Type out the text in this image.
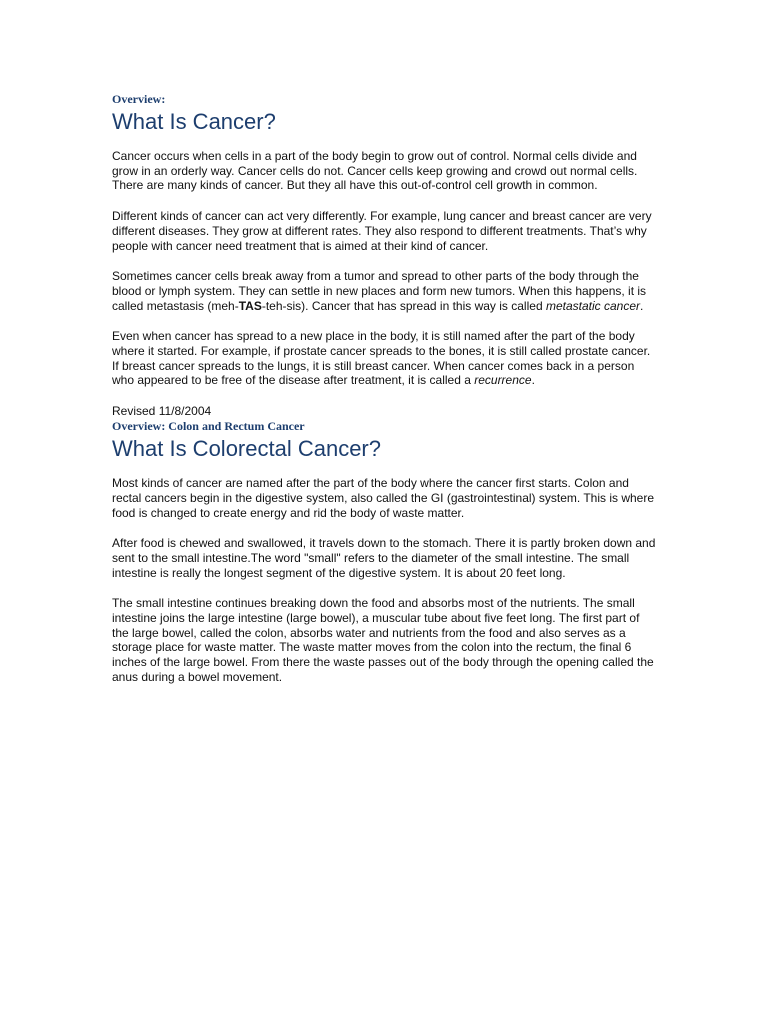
Overview:
What Is Cancer?

Cancer occurs when cells in a part of the body begin to grow out of control. Normal cells divide and grow in an orderly way. Cancer cells do not. Cancer cells keep growing and crowd out normal cells. There are many kinds of cancer. But they all have this out-of-control cell growth in common.

Different kinds of cancer can act very differently. For example, lung cancer and breast cancer are very different diseases. They grow at different rates. They also respond to different treatments. That’s why people with cancer need treatment that is aimed at their kind of cancer.

Sometimes cancer cells break away from a tumor and spread to other parts of the body through the blood or lymph system. They can settle in new places and form new tumors. When this happens, it is called metastasis (meh-TAS-teh-sis). Cancer that has spread in this way is called metastatic cancer.

Even when cancer has spread to a new place in the body, it is still named after the part of the body where it started. For example, if prostate cancer spreads to the bones, it is still called prostate cancer. If breast cancer spreads to the lungs, it is still breast cancer. When cancer comes back in a person who appeared to be free of the disease after treatment, it is called a recurrence.

Revised 11/8/2004
Overview: Colon and Rectum Cancer
What Is Colorectal Cancer?

Most kinds of cancer are named after the part of the body where the cancer first starts. Colon and rectal cancers begin in the digestive system, also called the GI (gastrointestinal) system. This is where food is changed to create energy and rid the body of waste matter.

After food is chewed and swallowed, it travels down to the stomach. There it is partly broken down and sent to the small intestine.The word "small" refers to the diameter of the small intestine. The small intestine is really the longest segment of the digestive system. It is about 20 feet long.

The small intestine continues breaking down the food and absorbs most of the nutrients. The small intestine joins the large intestine (large bowel), a muscular tube about five feet long. The first part of the large bowel, called the colon, absorbs water and nutrients from the food and also serves as a storage place for waste matter. The waste matter moves from the colon into the rectum, the final 6 inches of the large bowel. From there the waste passes out of the body through the opening called the anus during a bowel movement.
